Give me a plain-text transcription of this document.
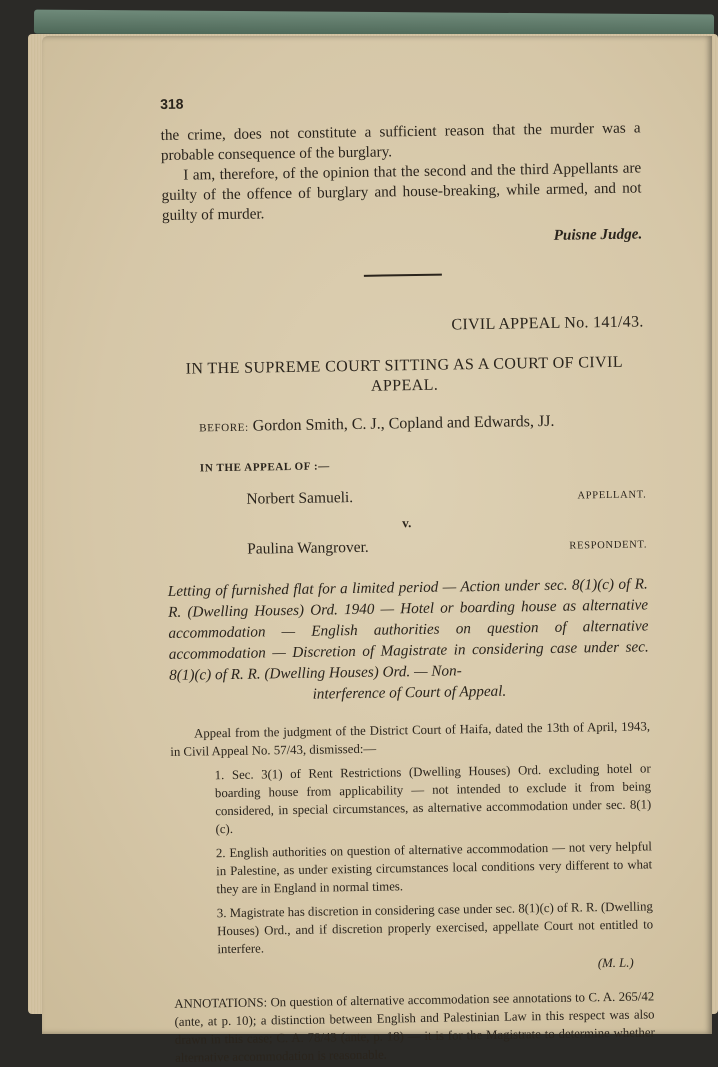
318

the crime, does not constitute a sufficient reason that the murder was a probable consequence of the burglary.

I am, therefore, of the opinion that the second and the third Appellants are guilty of the offence of burglary and house-breaking, while armed, and not guilty of murder.

Puisne Judge.
CIVIL APPEAL No. 141/43.
IN THE SUPREME COURT SITTING AS A COURT OF CIVIL APPEAL.
BEFORE: Gordon Smith, C. J., Copland and Edwards, JJ.
IN THE APPEAL OF :—
Norbert Samueli.	APPELLANT.
v.
Paulina Wangrover.	RESPONDENT.
Letting of furnished flat for a limited period — Action under sec. 8(1)(c) of R. R. (Dwelling Houses) Ord. 1940 — Hotel or boarding house as alternative accommodation — English authorities on question of alternative accommodation — Discretion of Magistrate in considering case under sec. 8(1)(c) of R. R. (Dwelling Houses) Ord. — Non-
interference of Court of Appeal.

Appeal from the judgment of the District Court of Haifa, dated the 13th of April, 1943, in Civil Appeal No. 57/43, dismissed:—

1. Sec. 3(1) of Rent Restrictions (Dwelling Houses) Ord. excluding hotel or boarding house from applicability — not intended to exclude it from being considered, in special circumstances, as alternative accommodation under sec. 8(1)(c).

2. English authorities on question of alternative accommodation — not very helpful in Palestine, as under existing circumstances local conditions very different to what they are in England in normal times.

3. Magistrate has discretion in considering case under sec. 8(1)(c) of R. R. (Dwelling Houses) Ord., and if discretion properly exercised, appellate Court not entitled to interfere.

(M. L.)

ANNOTATIONS: On question of alternative accommodation see annotations to C. A. 265/42 (ante, at p. 10); a distinction between English and Palestinian Law in this respect was also drawn in this case; C. A. 78/43 (ante, p. 18) — it is for the Magistrate to determine whether alternative accommodation is reasonable.
